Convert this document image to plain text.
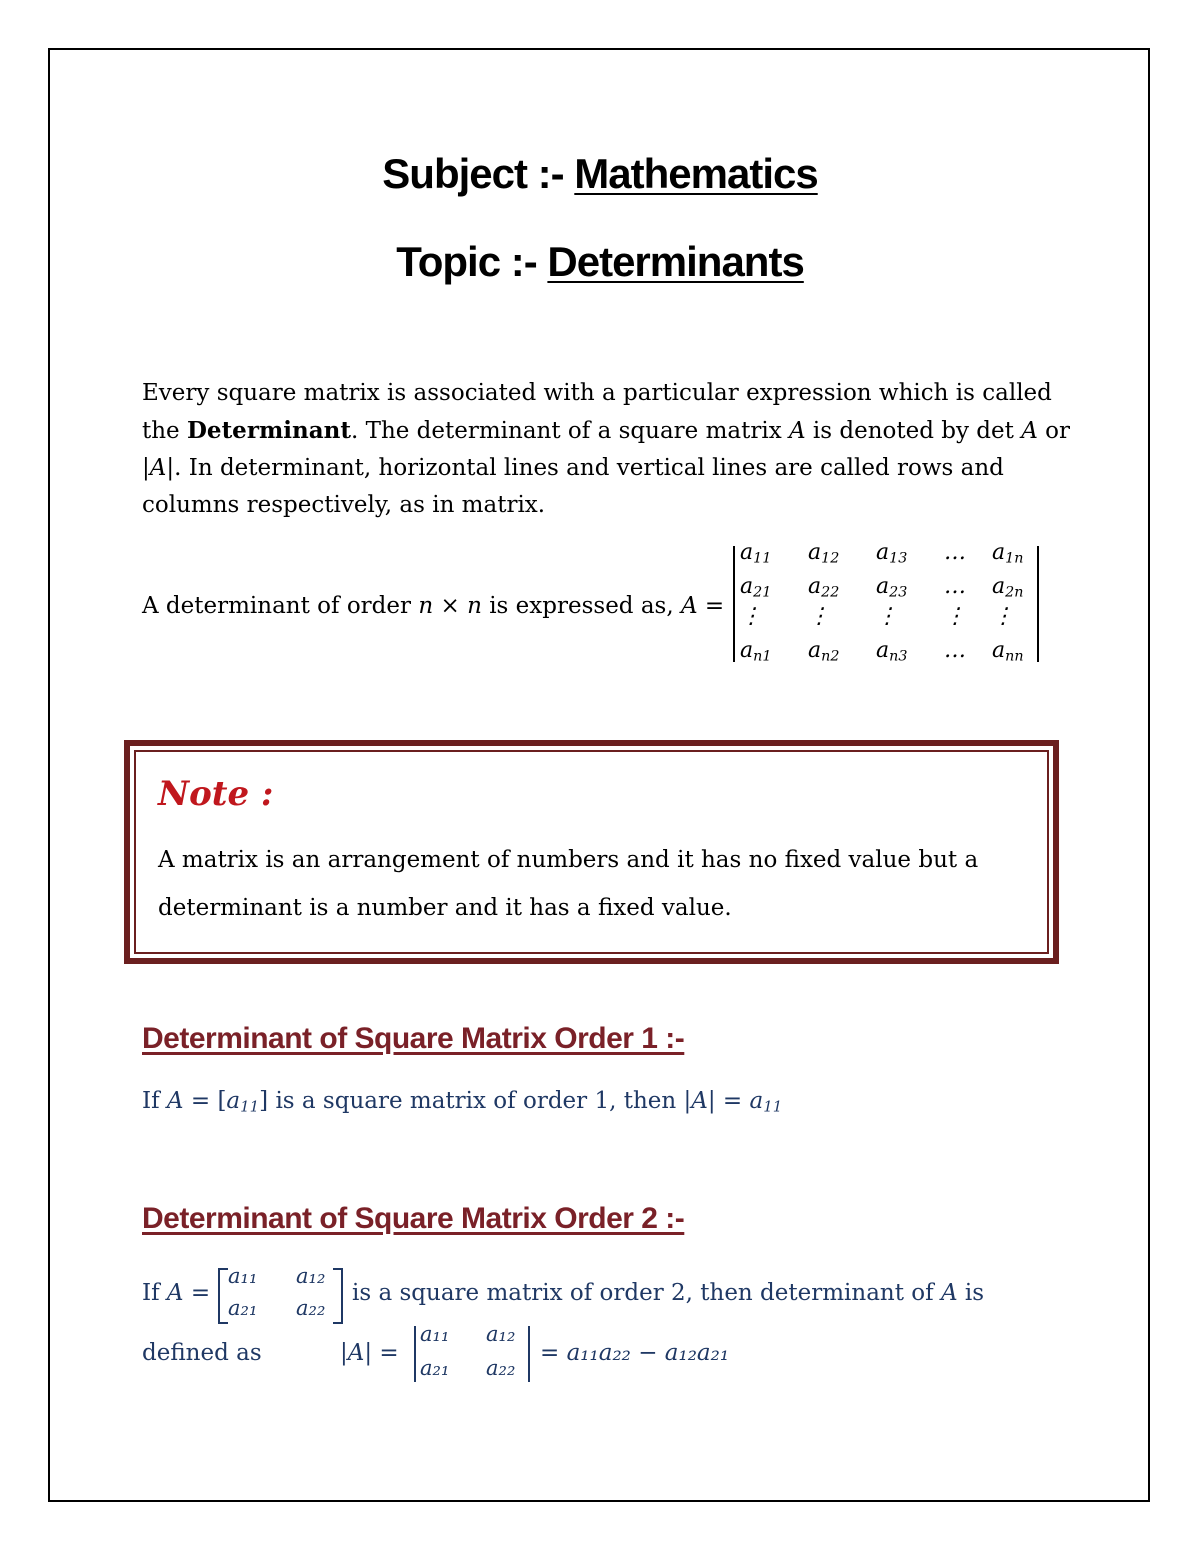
Subject :- Mathematics
Topic :- Determinants
Every square matrix is associated with a particular expression which is called
the Determinant. The determinant of a square matrix A is denoted by det A or
|A|. In determinant, horizontal lines and vertical lines are called rows and
columns respectively, as in matrix.
A determinant of order n × n is expressed as, A =
$a_{11}$ $a_{12}$ $a_{13}$ … $a_{1n}$
$a_{21}$ $a_{22}$ $a_{23}$ … $a_{2n}$
⋮ ⋮ ⋮ ⋮ ⋮
$a_{n1}$ $a_{n2}$ $a_{n3}$ … $a_{nn}$
Note :
A matrix is an arrangement of numbers and it has no fixed value but a
determinant is a number and it has a fixed value.
Determinant of Square Matrix Order 1 :-
If $A = [a_{11}]$ is a square matrix of order 1, then $|A| = a_{11}$
Determinant of Square Matrix Order 2 :-
If A =
a₁₁ a₁₂
a₂₁ a₂₂
is a square matrix of order 2, then determinant of A is
defined as	|A| =
a₁₁ a₁₂
a₂₁ a₂₂
= a₁₁a₂₂ − a₁₂a₂₁
